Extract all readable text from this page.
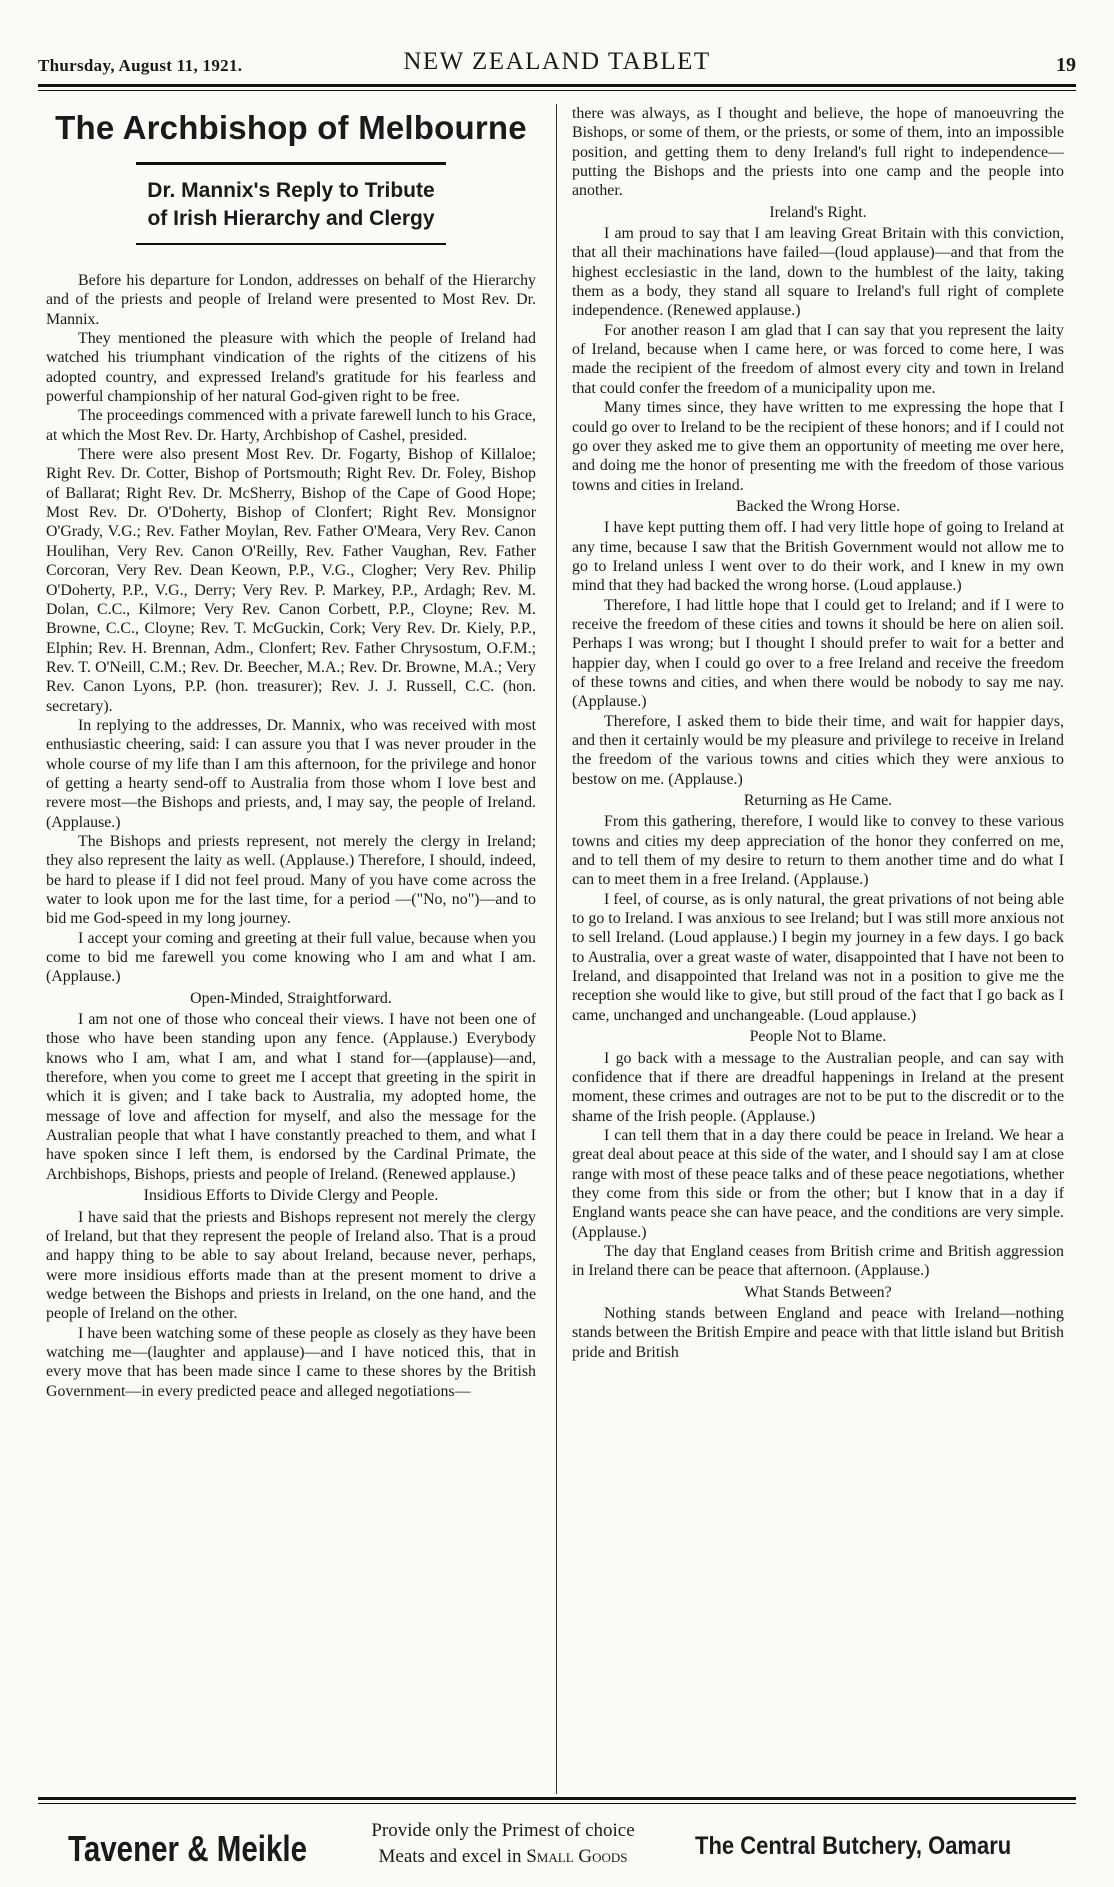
Thursday, August 11, 1921.	NEW ZEALAND TABLET	19
The Archbishop of Melbourne
Dr. Mannix's Reply to Tribute
of Irish Hierarchy and Clergy

Before his departure for London, addresses on behalf of the Hierarchy and of the priests and people of Ireland were presented to Most Rev. Dr. Mannix.

They mentioned the pleasure with which the people of Ireland had watched his triumphant vindication of the rights of the citizens of his adopted country, and expressed Ireland's gratitude for his fearless and powerful championship of her natural God-given right to be free.

The proceedings commenced with a private farewell lunch to his Grace, at which the Most Rev. Dr. Harty, Archbishop of Cashel, presided.

There were also present Most Rev. Dr. Fogarty, Bishop of Killaloe; Right Rev. Dr. Cotter, Bishop of Portsmouth; Right Rev. Dr. Foley, Bishop of Ballarat; Right Rev. Dr. McSherry, Bishop of the Cape of Good Hope; Most Rev. Dr. O'Doherty, Bishop of Clonfert; Right Rev. Monsignor O'Grady, V.G.; Rev. Father Moylan, Rev. Father O'Meara, Very Rev. Canon Houlihan, Very Rev. Canon O'Reilly, Rev. Father Vaughan, Rev. Father Corcoran, Very Rev. Dean Keown, P.P., V.G., Clogher; Very Rev. Philip O'Doherty, P.P., V.G., Derry; Very Rev. P. Markey, P.P., Ardagh; Rev. M. Dolan, C.C., Kilmore; Very Rev. Canon Corbett, P.P., Cloyne; Rev. M. Browne, C.C., Cloyne; Rev. T. McGuckin, Cork; Very Rev. Dr. Kiely, P.P., Elphin; Rev. H. Brennan, Adm., Clonfert; Rev. Father Chrysostum, O.F.M.; Rev. T. O'Neill, C.M.; Rev. Dr. Beecher, M.A.; Rev. Dr. Browne, M.A.; Very Rev. Canon Lyons, P.P. (hon. treasurer); Rev. J. J. Russell, C.C. (hon. secretary).

In replying to the addresses, Dr. Mannix, who was received with most enthusiastic cheering, said: I can assure you that I was never prouder in the whole course of my life than I am this afternoon, for the privilege and honor of getting a hearty send-off to Australia from those whom I love best and revere most—the Bishops and priests, and, I may say, the people of Ireland. (Applause.)

The Bishops and priests represent, not merely the clergy in Ireland; they also represent the laity as well. (Applause.) Therefore, I should, indeed, be hard to please if I did not feel proud. Many of you have come across the water to look upon me for the last time, for a period —("No, no")—and to bid me God-speed in my long journey.

I accept your coming and greeting at their full value, because when you come to bid me farewell you come knowing who I am and what I am. (Applause.)

Open-Minded, Straightforward.

I am not one of those who conceal their views. I have not been one of those who have been standing upon any fence. (Applause.) Everybody knows who I am, what I am, and what I stand for—(applause)—and, therefore, when you come to greet me I accept that greeting in the spirit in which it is given; and I take back to Australia, my adopted home, the message of love and affection for myself, and also the message for the Australian people that what I have constantly preached to them, and what I have spoken since I left them, is endorsed by the Cardinal Primate, the Archbishops, Bishops, priests and people of Ireland. (Renewed applause.)

Insidious Efforts to Divide Clergy and People.

I have said that the priests and Bishops represent not merely the clergy of Ireland, but that they represent the people of Ireland also. That is a proud and happy thing to be able to say about Ireland, because never, perhaps, were more insidious efforts made than at the present moment to drive a wedge between the Bishops and priests in Ireland, on the one hand, and the people of Ireland on the other.

I have been watching some of these people as closely as they have been watching me—(laughter and applause)—and I have noticed this, that in every move that has been made since I came to these shores by the British Government—in every predicted peace and alleged negotiations—

there was always, as I thought and believe, the hope of manoeuvring the Bishops, or some of them, or the priests, or some of them, into an impossible position, and getting them to deny Ireland's full right to independence—putting the Bishops and the priests into one camp and the people into another.

Ireland's Right.

I am proud to say that I am leaving Great Britain with this conviction, that all their machinations have failed—(loud applause)—and that from the highest ecclesiastic in the land, down to the humblest of the laity, taking them as a body, they stand all square to Ireland's full right of complete independence. (Renewed applause.)

For another reason I am glad that I can say that you represent the laity of Ireland, because when I came here, or was forced to come here, I was made the recipient of the freedom of almost every city and town in Ireland that could confer the freedom of a municipality upon me.

Many times since, they have written to me expressing the hope that I could go over to Ireland to be the recipient of these honors; and if I could not go over they asked me to give them an opportunity of meeting me over here, and doing me the honor of presenting me with the freedom of those various towns and cities in Ireland.

Backed the Wrong Horse.

I have kept putting them off. I had very little hope of going to Ireland at any time, because I saw that the British Government would not allow me to go to Ireland unless I went over to do their work, and I knew in my own mind that they had backed the wrong horse. (Loud applause.)

Therefore, I had little hope that I could get to Ireland; and if I were to receive the freedom of these cities and towns it should be here on alien soil. Perhaps I was wrong; but I thought I should prefer to wait for a better and happier day, when I could go over to a free Ireland and receive the freedom of these towns and cities, and when there would be nobody to say me nay. (Applause.)

Therefore, I asked them to bide their time, and wait for happier days, and then it certainly would be my pleasure and privilege to receive in Ireland the freedom of the various towns and cities which they were anxious to bestow on me. (Applause.)

Returning as He Came.

From this gathering, therefore, I would like to convey to these various towns and cities my deep appreciation of the honor they conferred on me, and to tell them of my desire to return to them another time and do what I can to meet them in a free Ireland. (Applause.)

I feel, of course, as is only natural, the great privations of not being able to go to Ireland. I was anxious to see Ireland; but I was still more anxious not to sell Ireland. (Loud applause.) I begin my journey in a few days. I go back to Australia, over a great waste of water, disappointed that I have not been to Ireland, and disappointed that Ireland was not in a position to give me the reception she would like to give, but still proud of the fact that I go back as I came, unchanged and unchangeable. (Loud applause.)

People Not to Blame.

I go back with a message to the Australian people, and can say with confidence that if there are dreadful happenings in Ireland at the present moment, these crimes and outrages are not to be put to the discredit or to the shame of the Irish people. (Applause.)

I can tell them that in a day there could be peace in Ireland. We hear a great deal about peace at this side of the water, and I should say I am at close range with most of these peace talks and of these peace negotiations, whether they come from this side or from the other; but I know that in a day if England wants peace she can have peace, and the conditions are very simple. (Applause.)

The day that England ceases from British crime and British aggression in Ireland there can be peace that afternoon. (Applause.)

What Stands Between?

Nothing stands between England and peace with Ireland—nothing stands between the British Empire and peace with that little island but British pride and British

Tavener & Meikle	Provide only the Primest of choice
Meats and excel in Small Goods	The Central Butchery, Oamaru
